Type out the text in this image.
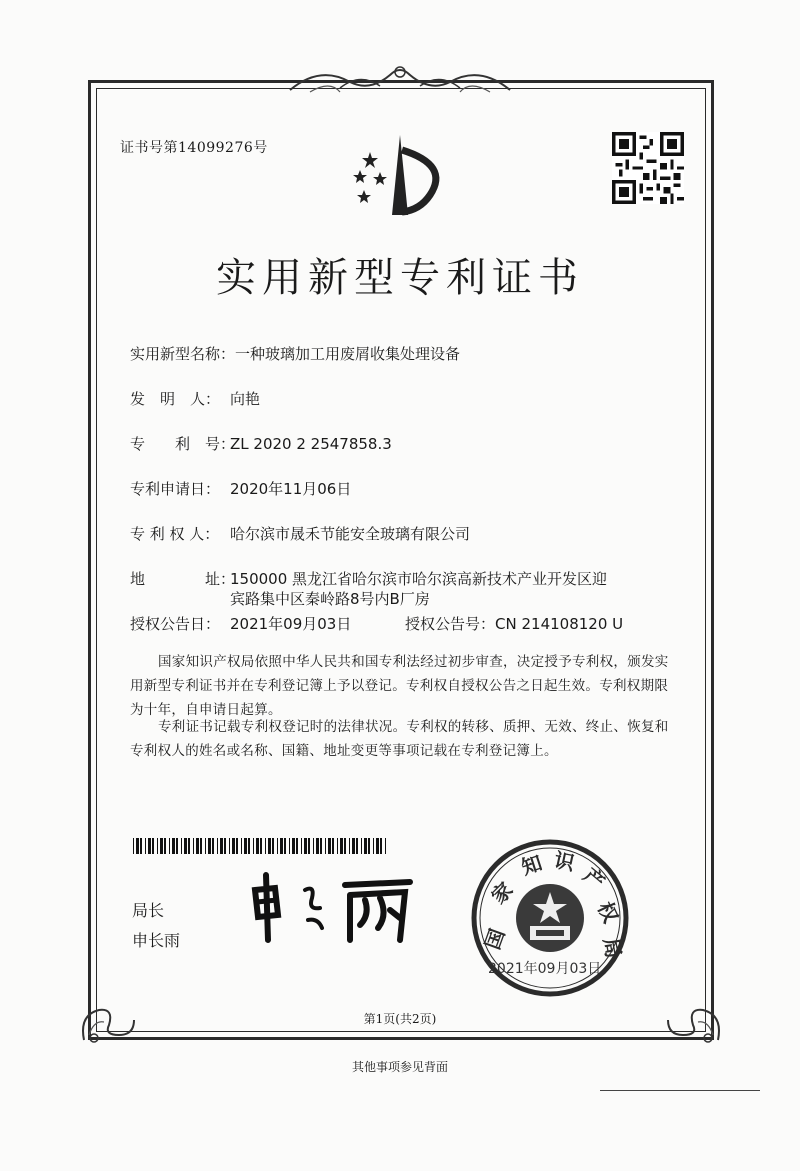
证书号第14099276号
实用新型专利证书
实用新型名称：一种玻璃加工用废屑收集处理设备
发　明　人： 向艳
专　　利　号：ZL 2020 2 2547858.3
专利申请日： 2020年11月06日
专 利 权 人： 哈尔滨市晟禾节能安全玻璃有限公司
地　　　　址：150000 黑龙江省哈尔滨市哈尔滨高新技术产业开发区迎
宾路集中区秦岭路8号内B厂房
授权公告日： 2021年09月03日	授权公告号：CN 214108120 U
国家知识产权局依照中华人民共和国专利法经过初步审查，决定授予专利权，颁发实用新型专利证书并在专利登记簿上予以登记。专利权自授权公告之日起生效。专利权期限为十年，自申请日起算。
专利证书记载专利权登记时的法律状况。专利权的转移、质押、无效、终止、恢复和专利权人的姓名或名称、国籍、地址变更等事项记载在专利登记簿上。
局长
申长雨	国
家
知 识
产
权
局
2021年09月03日
第1页(共2页)
其他事项参见背面
